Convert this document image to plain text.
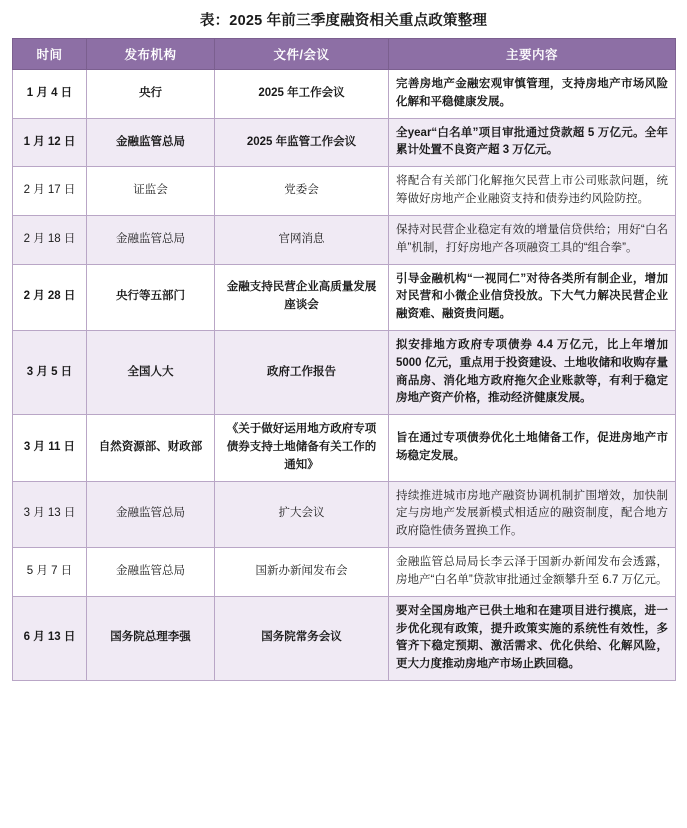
表：2025 年前三季度融资相关重点政策整理
时间	发布机构	文件/会议	主要内容
1 月 4 日	央行	2025 年工作会议	完善房地产金融宏观审慎管理，支持房地产市场风险化解和平稳健康发展。
1 月 12 日	金融监管总局	2025 年监管工作会议	全year“白名单”项目审批通过贷款超 5 万亿元。全年累计处置不良资产超 3 万亿元。
2 月 17 日	证监会	党委会	将配合有关部门化解拖欠民营上市公司账款问题，统筹做好房地产企业融资支持和债券违约风险防控。
2 月 18 日	金融监管总局	官网消息	保持对民营企业稳定有效的增量信贷供给；用好“白名单”机制，打好房地产各项融资工具的“组合拳”。
2 月 28 日	央行等五部门	金融支持民营企业高质量发展座谈会	引导金融机构“一视同仁”对待各类所有制企业，增加对民营和小微企业信贷投放。下大气力解决民营企业融资难、融资贵问题。
3 月 5 日	全国人大	政府工作报告	拟安排地方政府专项债券 4.4 万亿元，比上年增加 5000 亿元，重点用于投资建设、土地收储和收购存量商品房、消化地方政府拖欠企业账款等，有利于稳定房地产资产价格，推动经济健康发展。
3 月 11 日	自然资源部、财政部	《关于做好运用地方政府专项债券支持土地储备有关工作的通知》	旨在通过专项债券优化土地储备工作，促进房地产市场稳定发展。
3 月 13 日	金融监管总局	扩大会议	持续推进城市房地产融资协调机制扩围增效，加快制定与房地产发展新模式相适应的融资制度，配合地方政府隐性债务置换工作。
5 月 7 日	金融监管总局	国新办新闻发布会	金融监管总局局长李云泽于国新办新闻发布会透露，房地产“白名单”贷款审批通过金额攀升至 6.7 万亿元。
6 月 13 日	国务院总理李强	国务院常务会议	要对全国房地产已供土地和在建项目进行摸底，进一步优化现有政策，提升政策实施的系统性有效性，多管齐下稳定预期、激活需求、优化供给、化解风险，更大力度推动房地产市场止跌回稳。
